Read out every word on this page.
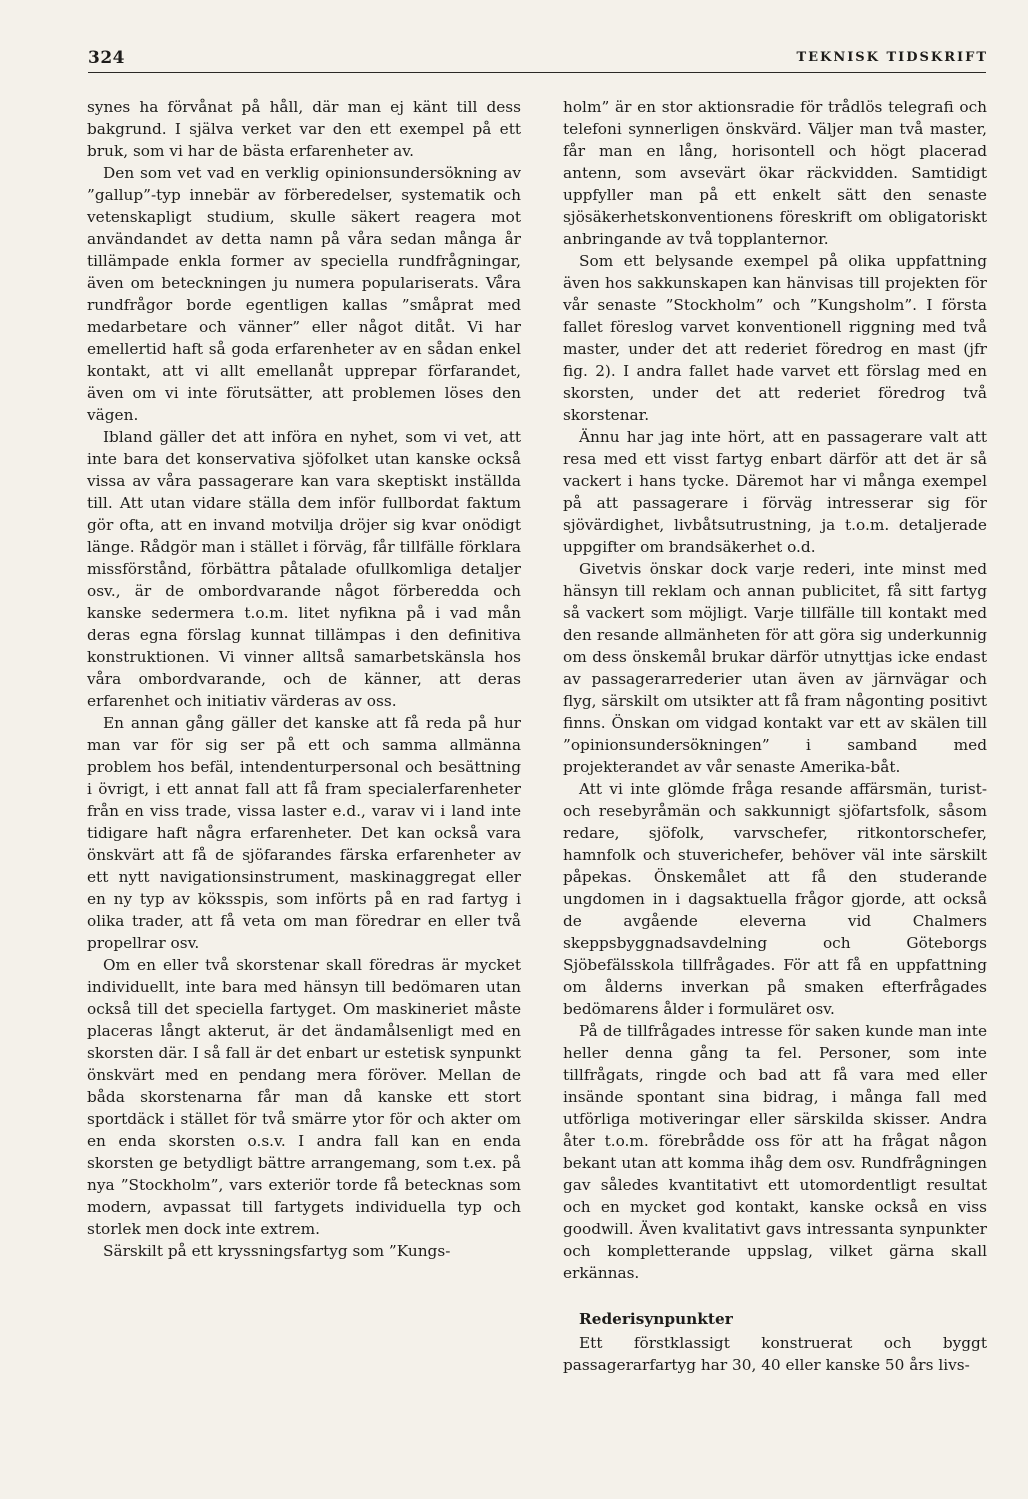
324	TEKNISK TIDSKRIFT

synes ha förvånat på håll, där man ej känt till dess bakgrund. I själva verket var den ett exempel på ett bruk, som vi har de bästa erfarenheter av.

Den som vet vad en verklig opinionsundersökning av ”gallup”-typ innebär av förberedelser, systematik och vetenskapligt studium, skulle säkert reagera mot användandet av detta namn på våra sedan många år tillämpade enkla former av speciella rundfrågningar, även om beteckningen ju numera populariserats. Våra rundfrågor borde egentligen kallas ”småprat med medarbetare och vänner” eller något ditåt. Vi har emellertid haft så goda erfarenheter av en sådan enkel kontakt, att vi allt emellanåt upprepar förfarandet, även om vi inte förutsätter, att problemen löses den vägen.

Ibland gäller det att införa en nyhet, som vi vet, att inte bara det konservativa sjöfolket utan kanske också vissa av våra passagerare kan vara skeptiskt inställda till. Att utan vidare ställa dem inför fullbordat faktum gör ofta, att en invand motvilja dröjer sig kvar onödigt länge. Rådgör man i stället i förväg, får tillfälle förklara missförstånd, förbättra påtalade ofullkomliga detaljer osv., är de ombordvarande något förberedda och kanske sedermera t.o.m. litet nyfikna på i vad mån deras egna förslag kunnat tillämpas i den definitiva konstruktionen. Vi vinner alltså samarbetskänsla hos våra ombordvarande, och de känner, att deras erfarenhet och initiativ värderas av oss.

En annan gång gäller det kanske att få reda på hur man var för sig ser på ett och samma allmänna problem hos befäl, intendenturpersonal och besättning i övrigt, i ett annat fall att få fram specialerfarenheter från en viss trade, vissa laster e.d., varav vi i land inte tidigare haft några erfarenheter. Det kan också vara önskvärt att få de sjöfarandes färska erfarenheter av ett nytt navigationsinstrument, maskinaggregat eller en ny typ av köksspis, som införts på en rad fartyg i olika trader, att få veta om man föredrar en eller två propellrar osv.

Om en eller två skorstenar skall föredras är mycket individuellt, inte bara med hänsyn till bedömaren utan också till det speciella fartyget. Om maskineriet måste placeras långt akterut, är det ändamålsenligt med en skorsten där. I så fall är det enbart ur estetisk synpunkt önskvärt med en pendang mera föröver. Mellan de båda skorstenarna får man då kanske ett stort sportdäck i stället för två smärre ytor för och akter om en enda skorsten o.s.v. I andra fall kan en enda skorsten ge betydligt bättre arrangemang, som t.ex. på nya ”Stockholm”, vars exteriör torde få betecknas som modern, avpassat till fartygets individuella typ och storlek men dock inte extrem.

Särskilt på ett kryssningsfartyg som ”Kungs-

holm” är en stor aktionsradie för trådlös telegrafi och telefoni synnerligen önskvärd. Väljer man två master, får man en lång, horisontell och högt placerad antenn, som avsevärt ökar räckvidden. Samtidigt uppfyller man på ett enkelt sätt den senaste sjösäkerhetskonventionens föreskrift om obligatoriskt anbringande av två topplanternor.

Som ett belysande exempel på olika uppfattning även hos sakkunskapen kan hänvisas till projekten för vår senaste ”Stockholm” och ”Kungsholm”. I första fallet föreslog varvet konventionell riggning med två master, under det att rederiet föredrog en mast (jfr fig. 2). I andra fallet hade varvet ett förslag med en skorsten, under det att rederiet föredrog två skorstenar.

Ännu har jag inte hört, att en passagerare valt att resa med ett visst fartyg enbart därför att det är så vackert i hans tycke. Däremot har vi många exempel på att passagerare i förväg intresserar sig för sjövärdighet, livbåtsutrustning, ja t.o.m. detaljerade uppgifter om brandsäkerhet o.d.

Givetvis önskar dock varje rederi, inte minst med hänsyn till reklam och annan publicitet, få sitt fartyg så vackert som möjligt. Varje tillfälle till kontakt med den resande allmänheten för att göra sig underkunnig om dess önskemål brukar därför utnyttjas icke endast av passagerarrederier utan även av järnvägar och flyg, särskilt om utsikter att få fram någonting positivt finns. Önskan om vidgad kontakt var ett av skälen till ”opinionsundersökningen” i samband med projekterandet av vår senaste Amerika-båt.

Att vi inte glömde fråga resande affärsmän, turist- och resebyråmän och sakkunnigt sjöfartsfolk, såsom redare, sjöfolk, varvschefer, ritkontorschefer, hamnfolk och stuverichefer, behöver väl inte särskilt påpekas. Önskemålet att få den studerande ungdomen in i dagsaktuella frågor gjorde, att också de avgående eleverna vid Chalmers skeppsbyggnadsavdelning och Göteborgs Sjöbefälsskola tillfrågades. För att få en uppfattning om ålderns inverkan på smaken efterfrågades bedömarens ålder i formuläret osv.

På de tillfrågades intresse för saken kunde man inte heller denna gång ta fel. Personer, som inte tillfrågats, ringde och bad att få vara med eller insände spontant sina bidrag, i många fall med utförliga motiveringar eller särskilda skisser. Andra åter t.o.m. förebrådde oss för att ha frågat någon bekant utan att komma ihåg dem osv. Rundfrågningen gav således kvantitativt ett utomordentligt resultat och en mycket god kontakt, kanske också en viss goodwill. Även kvalitativt gavs intressanta synpunkter och kompletterande uppslag, vilket gärna skall erkännas.

Rederisynpunkter

Ett förstklassigt konstruerat och byggt passagerarfartyg har 30, 40 eller kanske 50 års livs-
